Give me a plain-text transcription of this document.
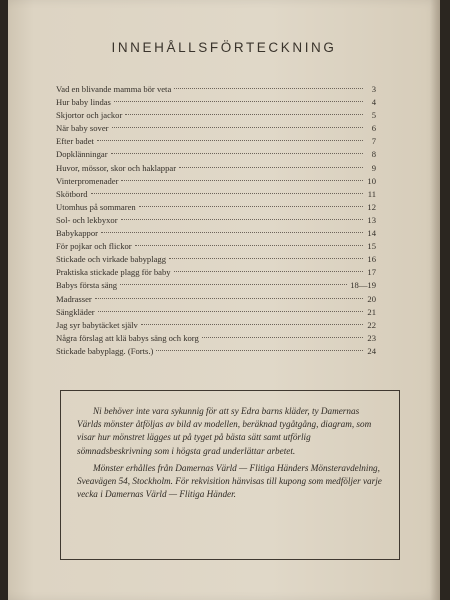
INNEHÅLLSFÖRTECKNING
Vad en blivande mamma bör veta	3
Hur baby lindas	4
Skjortor och jackor	5
När baby sover	6
Efter badet	7
Dopklänningar	8
Huvor, mössor, skor och haklappar	9
Vinterpromenader	10
Skötbord	11
Utomhus på sommaren	12
Sol- och lekbyxor	13
Babykappor	14
För pojkar och flickor	15
Stickade och virkade babyplagg	16
Praktiska stickade plagg för baby	17
Babys första säng	18—19
Madrasser	20
Sängkläder	21
Jag syr babytäcket själv	22
Några förslag att klä babys säng och korg	23
Stickade babyplagg. (Forts.)	24

Ni behöver inte vara sykunnig för att sy Edra barns kläder, ty Damernas Världs mönster åtföljas av bild av modellen, beräknad tygåtgång, diagram, som visar hur mönstret lägges ut på tyget på bästa sätt samt utförlig sömnadsbeskrivning som i högsta grad underlättar arbetet.

Mönster erhålles från Damernas Värld — Flitiga Händers Mönsteravdelning, Sveavägen 54, Stockholm. För rekvisition hänvisas till kupong som medföljer varje vecka i Damernas Värld — Flitiga Händer.
